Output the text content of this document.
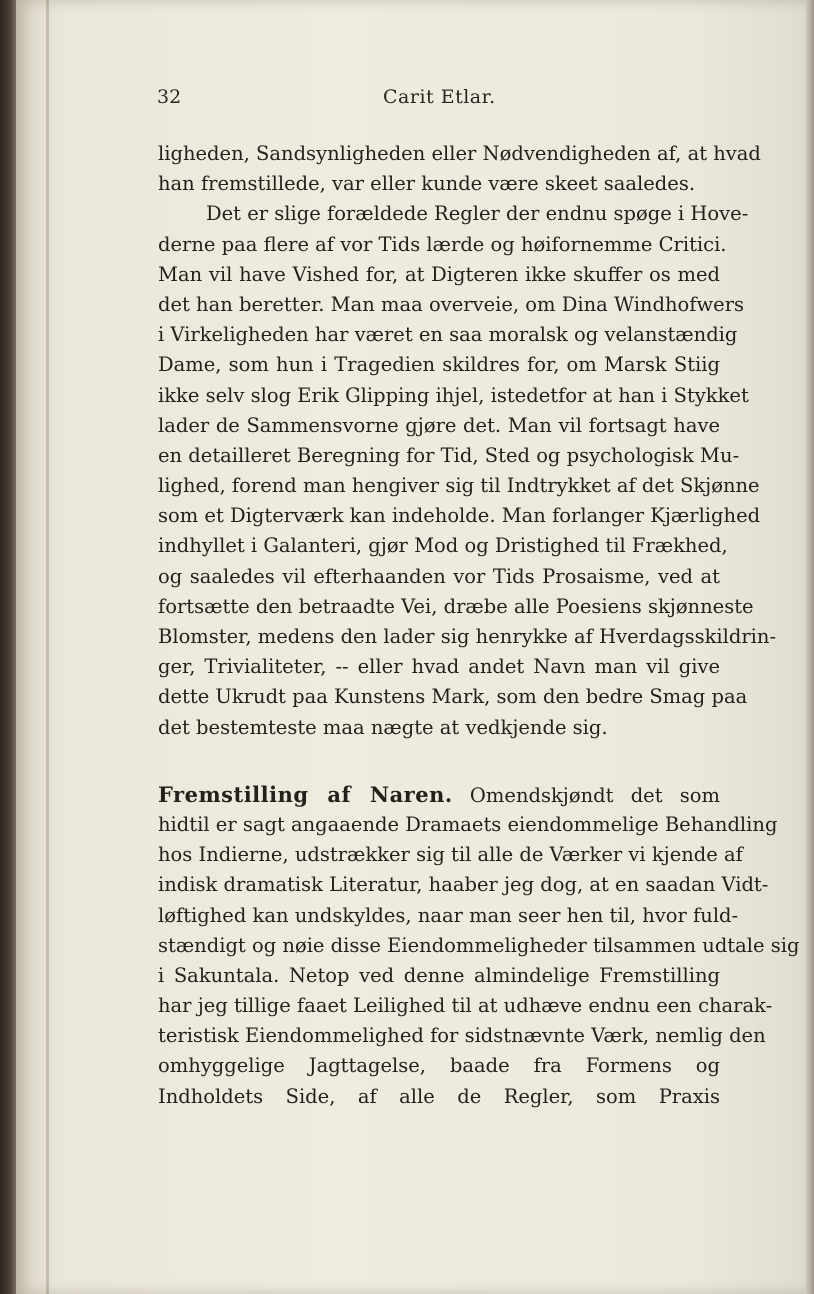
32	Carit Etlar.
ligheden, Sandsynligheden eller Nødvendigheden af, at hvad
han fremstillede, var eller kunde være skeet saaledes.
Det er slige forældede Regler der endnu spøge i Hove-
derne paa flere af vor Tids lærde og høifornemme Critici.
Man vil have Vished for, at Digteren ikke skuffer os med
det han beretter. Man maa overveie, om Dina Windhofwers
i Virkeligheden har været en saa moralsk og velanstændig
Dame, som hun i Tragedien skildres for, om Marsk Stiig
ikke selv slog Erik Glipping ihjel, istedetfor at han i Stykket
lader de Sammensvorne gjøre det. Man vil fortsagt have
en detailleret Beregning for Tid, Sted og psychologisk Mu-
lighed, forend man hengiver sig til Indtrykket af det Skjønne
som et Digterværk kan indeholde. Man forlanger Kjærlighed
indhyllet i Galanteri, gjør Mod og Dristighed til Frækhed,
og saaledes vil efterhaanden vor Tids Prosaisme, ved at
fortsætte den betraadte Vei, dræbe alle Poesiens skjønneste
Blomster, medens den lader sig henrykke af Hverdagsskildrin-
ger, Trivialiteter, -- eller hvad andet Navn man vil give
dette Ukrudt paa Kunstens Mark, som den bedre Smag paa
det bestemteste maa nægte at vedkjende sig.
Fremstilling af Naren. Omendskjøndt det som
hidtil er sagt angaaende Dramaets eiendommelige Behandling
hos Indierne, udstrækker sig til alle de Værker vi kjende af
indisk dramatisk Literatur, haaber jeg dog, at en saadan Vidt-
løftighed kan undskyldes, naar man seer hen til, hvor fuld-
stændigt og nøie disse Eiendommeligheder tilsammen udtale sig
i Sakuntala. Netop ved denne almindelige Fremstilling
har jeg tillige faaet Leilighed til at udhæve endnu een charak-
teristisk Eiendommelighed for sidstnævnte Værk, nemlig den
omhyggelige Jagttagelse, baade fra Formens og
Indholdets Side, af alle de Regler, som Praxis
